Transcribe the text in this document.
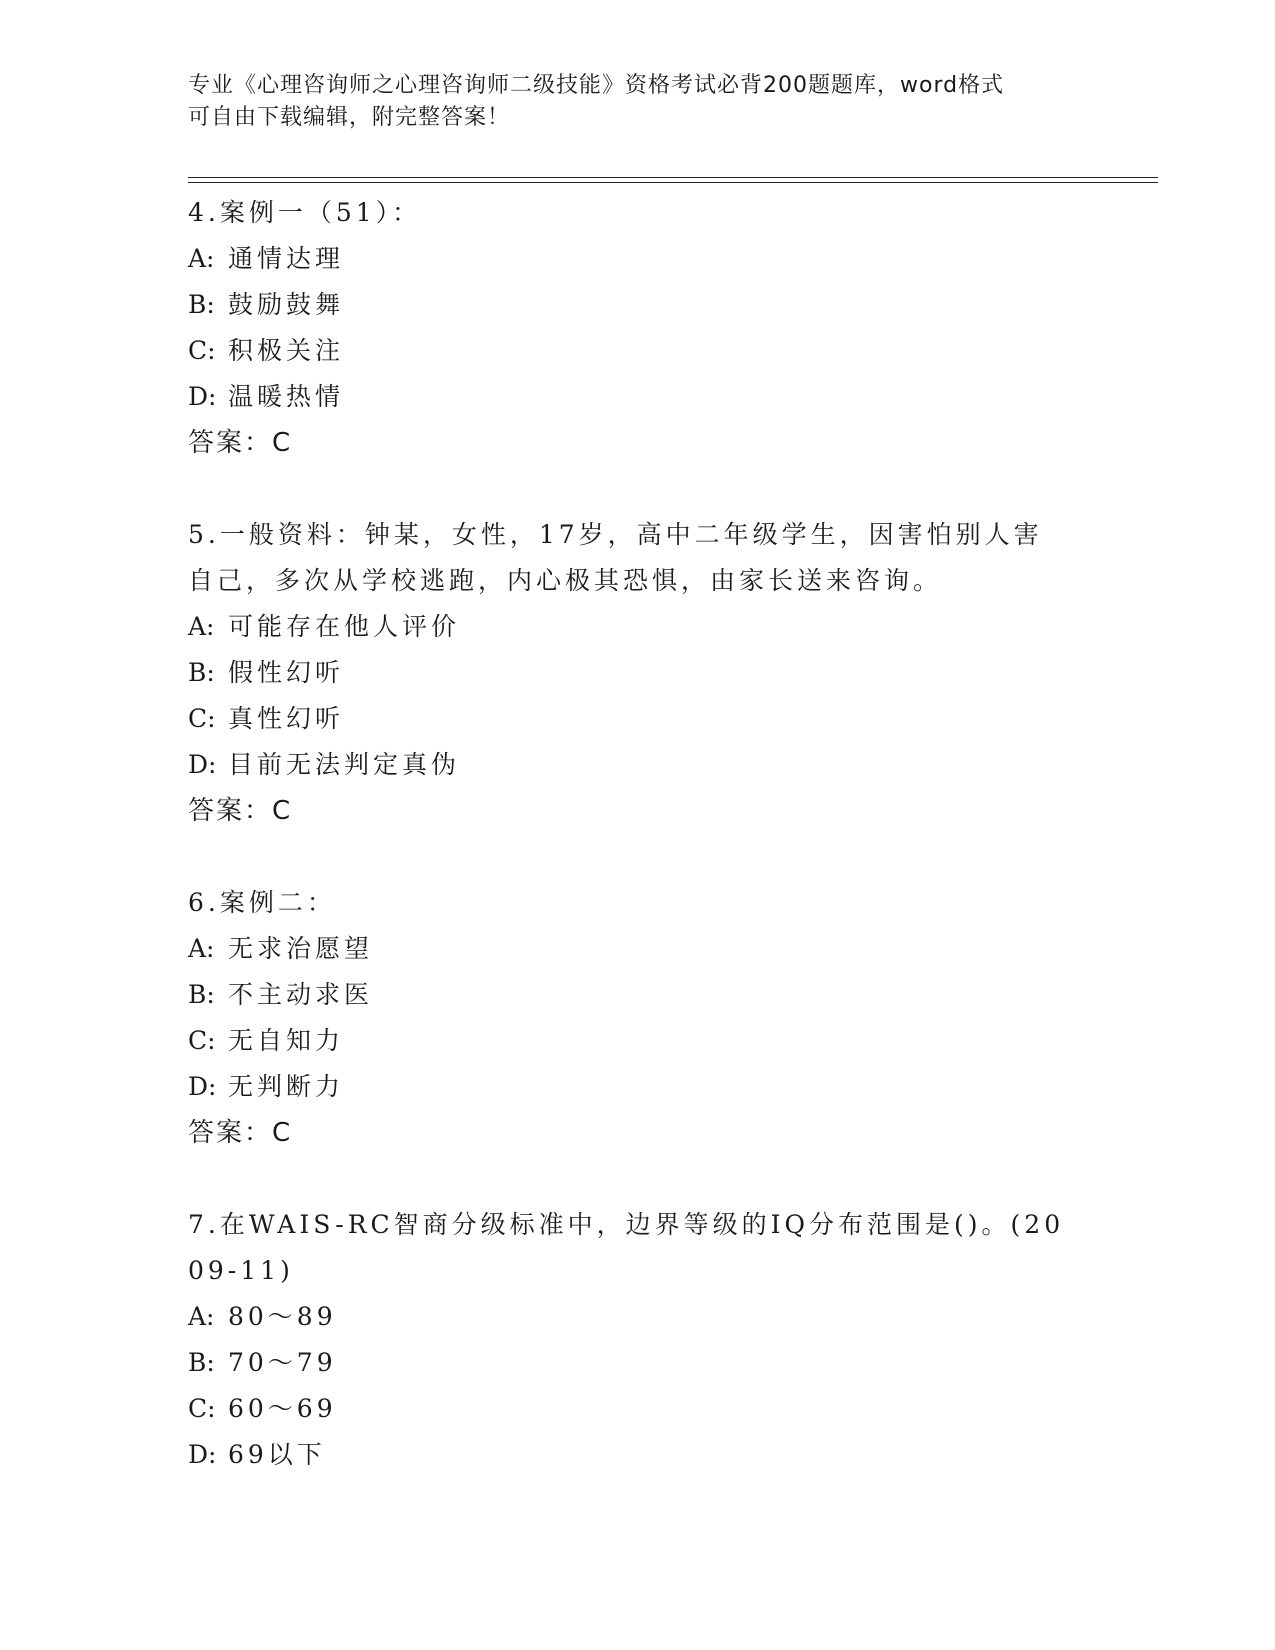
专业《心理咨询师之心理咨询师二级技能》资格考试必背200题题库，word格式
可自由下载编辑，附完整答案！
4.案例一（51）：
A: 通情达理
B: 鼓励鼓舞
C: 积极关注
D: 温暖热情
答案：C
5.一般资料：钟某，女性，17岁，高中二年级学生，因害怕别人害自己，多次从学校逃跑，内心极其恐惧，由家长送来咨询。
A: 可能存在他人评价
B: 假性幻听
C: 真性幻听
D: 目前无法判定真伪
答案：C
6.案例二：
A: 无求治愿望
B: 不主动求医
C: 无自知力
D: 无判断力
答案：C
7.在WAIS-RC智商分级标准中，边界等级的IQ分布范围是()。(2009-11)
A: 80～89
B: 70～79
C: 60～69
D: 69以下
